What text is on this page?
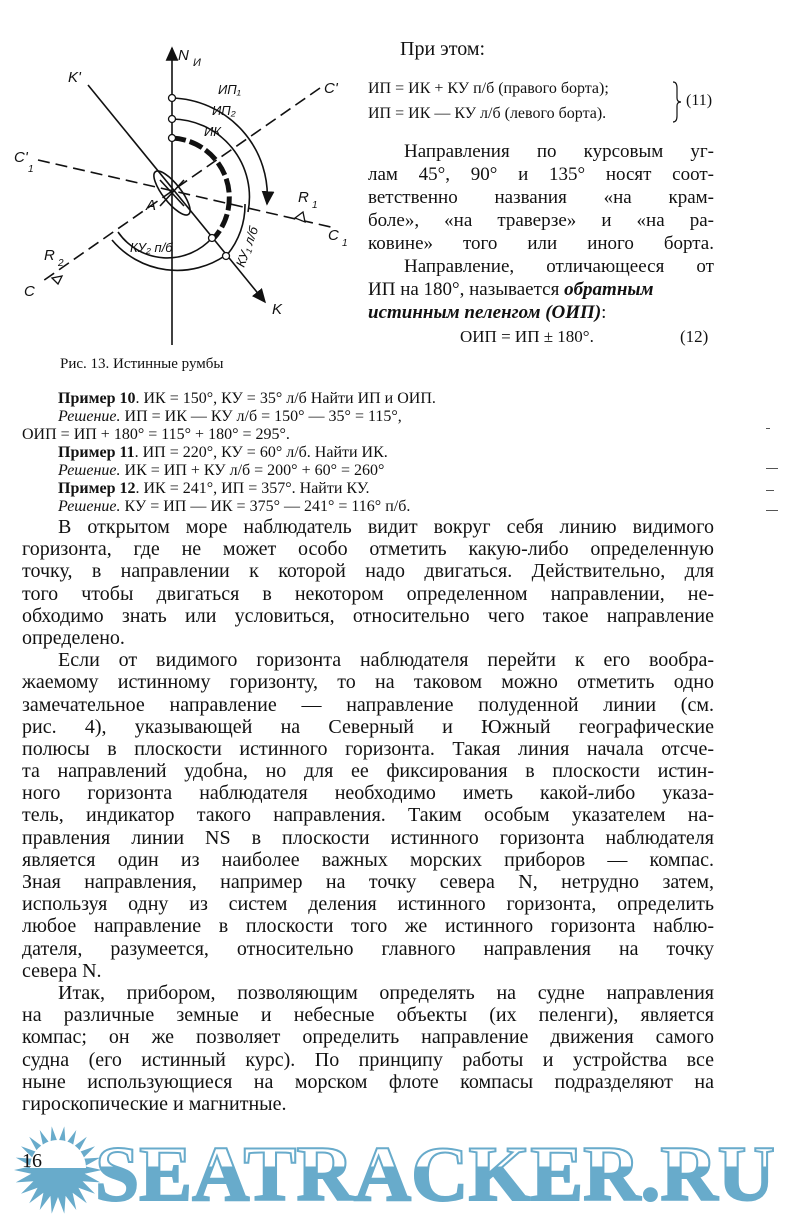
N И
K'
C'
C'
1
A	R 1
C 1
R 2
C
K
ИП₁
ИП₂
ИК
КУ₂ п/б	КУ₁ л/б
Рис. 13. Истинные румбы
При этом:
ИП = ИК + КУ п/б (правого борта);
ИП = ИК — КУ л/б (левого борта).
(11)
Направления по курсовым уг-
лам 45°, 90° и 135° носят соот-
ветственно названия «на крам-
боле», «на траверзе» и «на ра-
ковине» того или иного борта.
Направление, отличающееся от
ИП на 180°, называется обратным
истинным пеленгом (ОИП):
ОИП = ИП ± 180°.	(12)
Пример 10. ИК = 150°, КУ = 35° л/б Найти ИП и ОИП.
Решение. ИП = ИК — КУ л/б = 150° — 35° = 115°,
ОИП = ИП + 180° = 115° + 180° = 295°.
Пример 11. ИП = 220°, КУ = 60° л/б. Найти ИК.
Решение. ИК = ИП + КУ л/б = 200° + 60° = 260°
Пример 12. ИК = 241°, ИП = 357°. Найти КУ.
Решение. КУ = ИП — ИК = 375° — 241° = 116° п/б.
В открытом море наблюдатель видит вокруг себя линию видимого
горизонта, где не может особо отметить какую-либо определенную
точку, в направлении к которой надо двигаться. Действительно, для
того чтобы двигаться в некотором определенном направлении, не-
обходимо знать или условиться, относительно чего такое направление
определено.
Если от видимого горизонта наблюдателя перейти к его вообра-
жаемому истинному горизонту, то на таковом можно отметить одно
замечательное направление — направление полуденной линии (см.
рис. 4), указывающей на Северный и Южный географические
полюсы в плоскости истинного горизонта. Такая линия начала отсче-
та направлений удобна, но для ее фиксирования в плоскости истин-
ного горизонта наблюдателя необходимо иметь какой-либо указа-
тель, индикатор такого направления. Таким особым указателем на-
правления линии NS в плоскости истинного горизонта наблюдателя
является один из наиболее важных морских приборов — компас.
Зная направления, например на точку севера N, нетрудно затем,
используя одну из систем деления истинного горизонта, определить
любое направление в плоскости того же истинного горизонта наблю-
дателя, разумеется, относительно главного направления на точку
севера N.
Итак, прибором, позволяющим определять на судне направления
на различные земные и небесные объекты (их пеленги), является
компас; он же позволяет определить направление движения самого
судна (его истинный курс). По принципу работы и устройства все
ныне использующиеся на морском флоте компасы подразделяют на
гироскопические и магнитные.
SEATRACKER.RU
16
